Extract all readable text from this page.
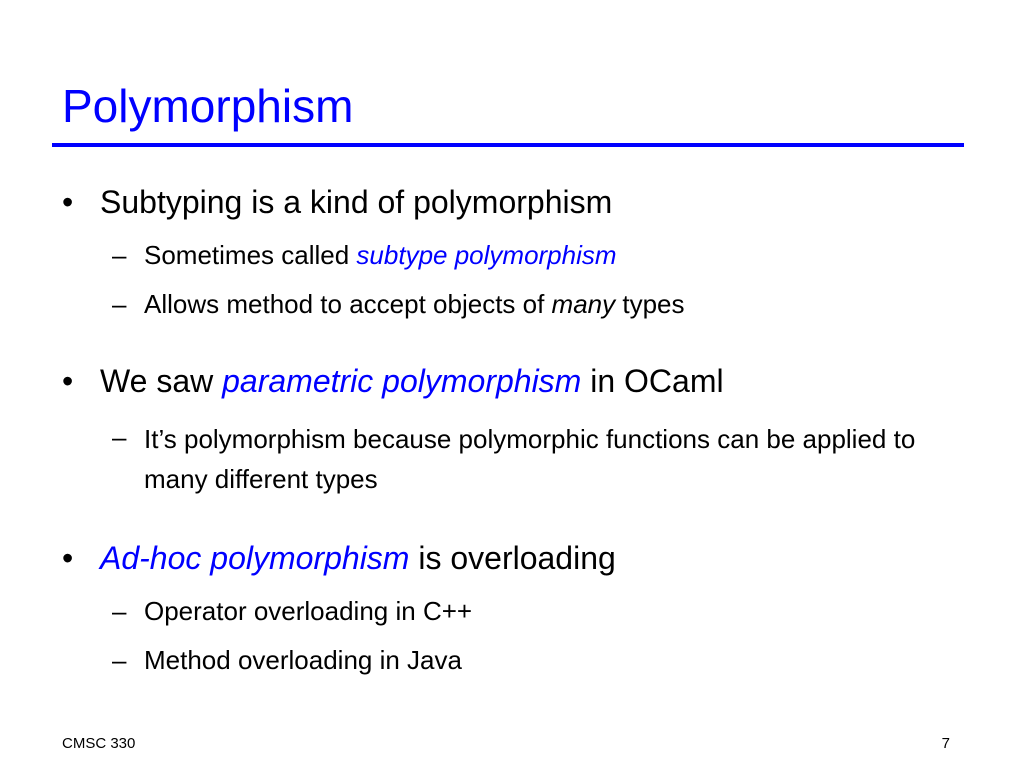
Polymorphism
• Subtyping is a kind of polymorphism
– Sometimes called subtype polymorphism
– Allows method to accept objects of many types
• We saw parametric polymorphism in OCaml
– It’s polymorphism because polymorphic functions can be applied to many different types
• Ad-hoc polymorphism is overloading
– Operator overloading in C++
– Method overloading in Java
CMSC 330	7
